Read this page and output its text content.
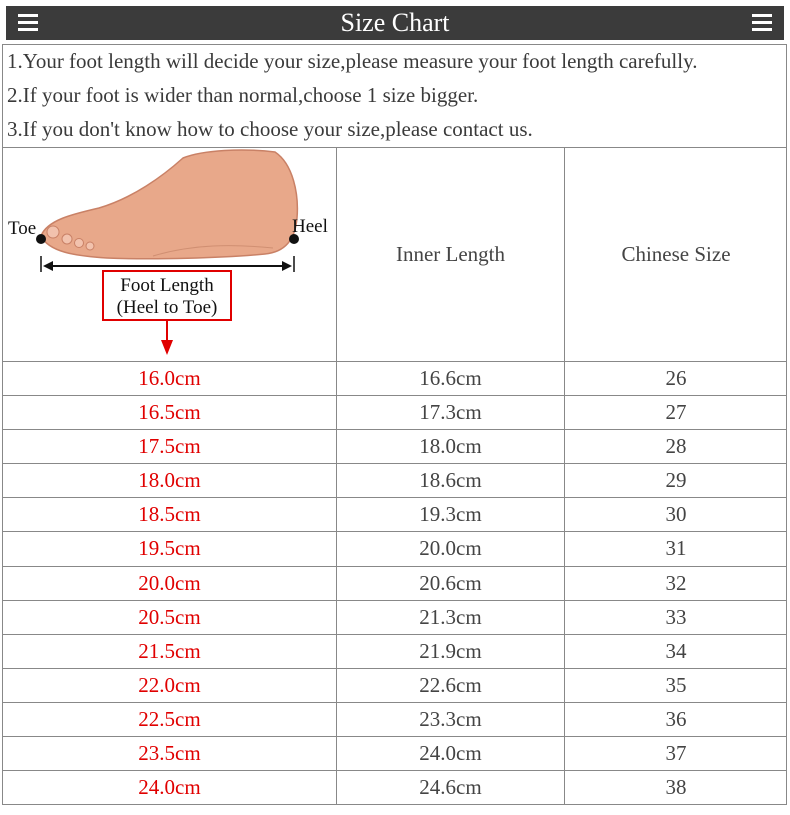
Size Chart
1.Your foot length will decide your size,please measure your foot length carefully.
2.If your foot is wider than normal,choose 1 size bigger.
3.If you don't know how to choose your size,please contact us.
Toe	Heel
Foot Length
(Heel to Toe)
Inner Length	Chinese Size
16.0cm	16.6cm	26
16.5cm	17.3cm	27
17.5cm	18.0cm	28
18.0cm	18.6cm	29
18.5cm	19.3cm	30
19.5cm	20.0cm	31
20.0cm	20.6cm	32
20.5cm	21.3cm	33
21.5cm	21.9cm	34
22.0cm	22.6cm	35
22.5cm	23.3cm	36
23.5cm	24.0cm	37
24.0cm	24.6cm	38
